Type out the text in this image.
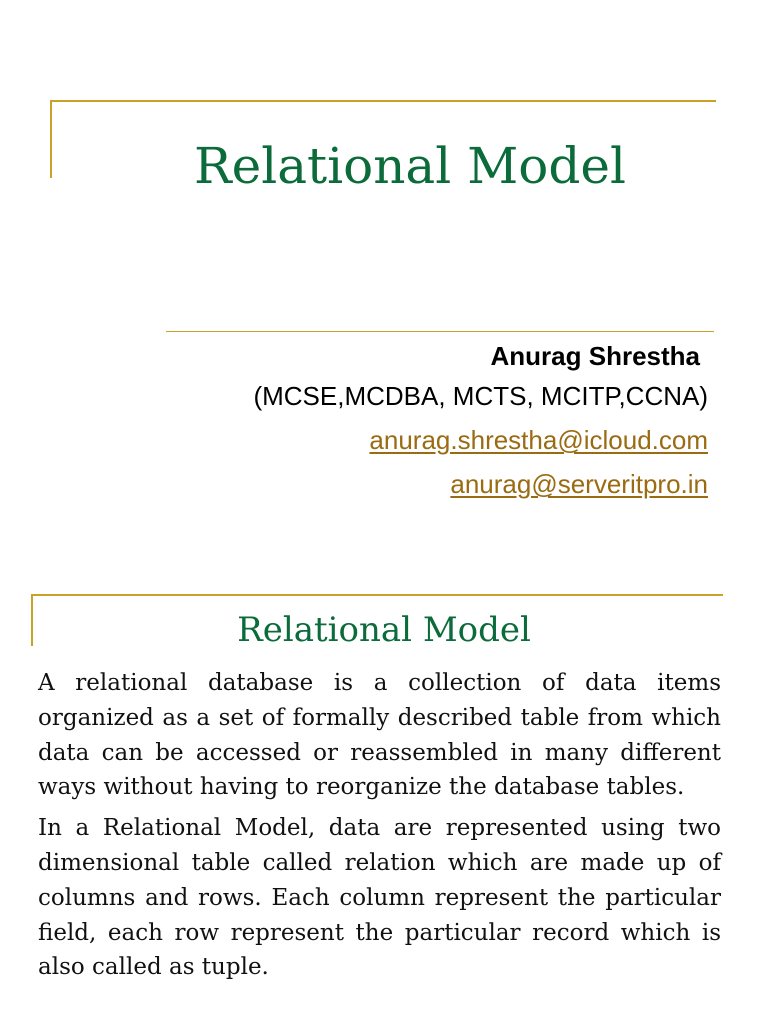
Relational Model
Anurag Shrestha
(MCSE,MCDBA, MCTS, MCITP,CCNA)
anurag.shrestha@icloud.com
anurag@serveritpro.in
Relational Model

A relational database is a collection of data items organized as a set of formally described table from which data can be accessed or reassembled in many different ways without having to reorganize the database tables.

In a Relational Model, data are represented using two dimensional table called relation which are made up of columns and rows. Each column represent the particular field, each row represent the particular record which is also called as tuple.
